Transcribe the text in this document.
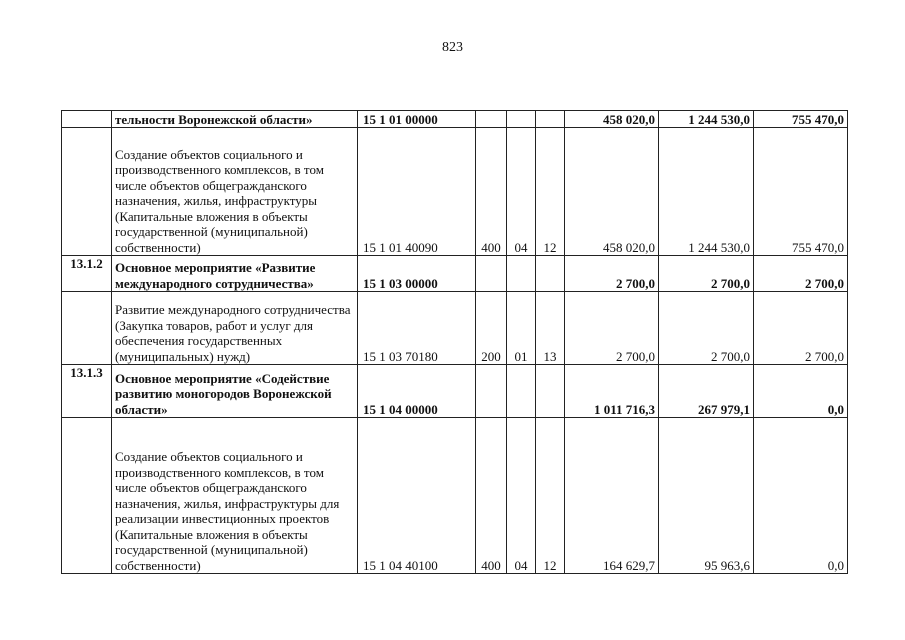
823
	тельности Воронежской области»	15 1 01 00000				458 020,0	1 244 530,0	755 470,0
	Создание объектов социального и производственного комплексов, в том числе объектов общегражданского назначения, жилья, инфраструктуры (Капитальные вложения в объекты государственной (муниципальной) собственности)	15 1 01 40090	400	04	12	458 020,0	1 244 530,0	755 470,0
13.1.2	Основное мероприятие «Развитие международного сотрудничества»	15 1 03 00000				2 700,0	2 700,0	2 700,0
	Развитие международного сотрудничества (Закупка товаров, работ и услуг для обеспечения государственных (муниципальных) нужд)	15 1 03 70180	200	01	13	2 700,0	2 700,0	2 700,0
13.1.3	Основное мероприятие «Содействие развитию моногородов Воронежской области»	15 1 04 00000				1 011 716,3	267 979,1	0,0
	Создание объектов социального и производственного комплексов, в том числе объектов общегражданского назначения, жилья, инфраструктуры для реализации инвестиционных проектов (Капитальные вложения в объекты государственной (муниципальной) собственности)	15 1 04 40100	400	04	12	164 629,7	95 963,6	0,0
